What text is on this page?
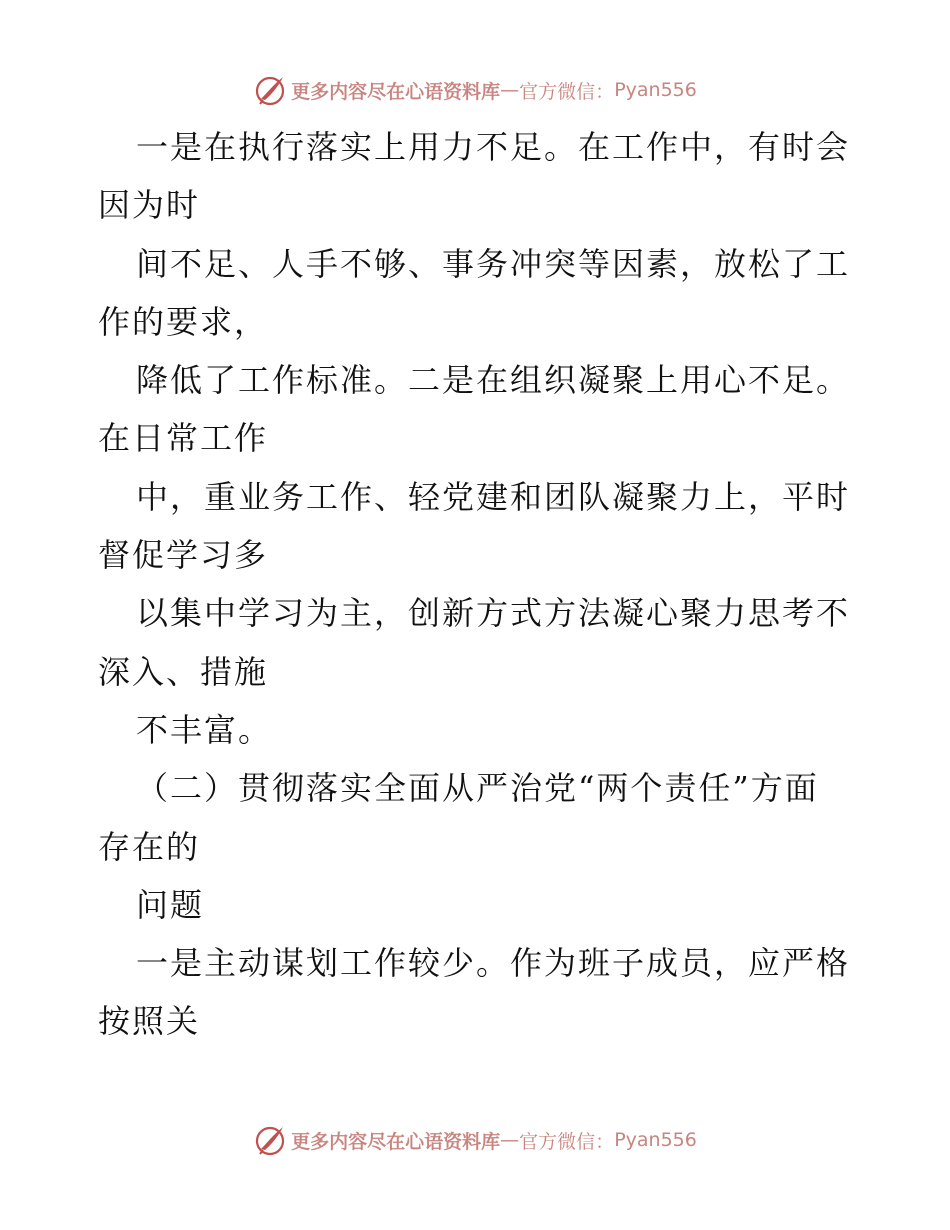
更多内容尽在心语资料库 — 官方微信： Pyan556
一是在执行落实上用力不足。在工作中，有时会
因为时
间不足、人手不够、事务冲突等因素，放松了工
作的要求，
降低了工作标准。二是在组织凝聚上用心不足。
在日常工作
中，重业务工作、轻党建和团队凝聚力上，平时
督促学习多
以集中学习为主，创新方式方法凝心聚力思考不
深入、措施
不丰富。
（二）贯彻落实全面从严治党“两个责任”方面
存在的
问题
一是主动谋划工作较少。作为班子成员，应严格
按照关
更多内容尽在心语资料库 — 官方微信： Pyan556
